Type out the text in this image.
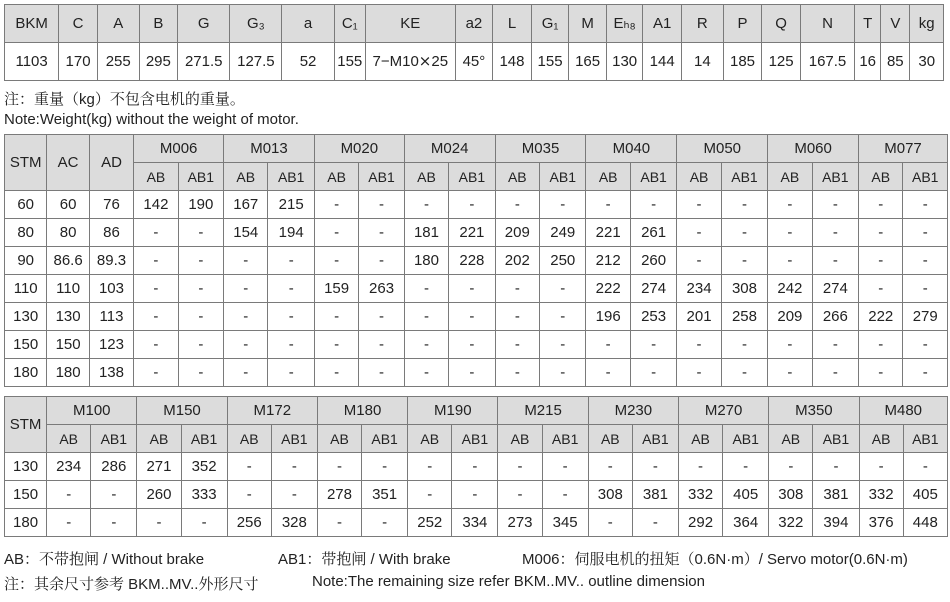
BKM	C	A	B	G	G₃	a	C₁	KE	a2	L	G₁	M	Eₕ₈	A1	R	P	Q	N	T	V	kg
1103	170	255	295	271.5	127.5	52	155	7−M10⨯25	45°	148	155	165	130	144	14	185	125	167.5	16	85	30
注：重量（kg）不包含电机的重量。
Note:Weight(kg) without the weight of motor.
STM	AC	AD	M006		M013		M020		M024		M035		M040		M050		M060		M077	
			AB	AB1	AB	AB1	AB	AB1	AB	AB1	AB	AB1	AB	AB1	AB	AB1	AB	AB1	AB	AB1
60	60	76	142	190	167	215	-	-	-	-	-	-	-	-	-	-	-	-	-	-
80	80	86	-	-	154	194	-	-	181	221	209	249	221	261	-	-	-	-	-	-
90	86.6	89.3	-	-	-	-	-	-	180	228	202	250	212	260	-	-	-	-	-	-
110	110	103	-	-	-	-	159	263	-	-	-	-	222	274	234	308	242	274	-	-
130	130	113	-	-	-	-	-	-	-	-	-	-	196	253	201	258	209	266	222	279
150	150	123	-	-	-	-	-	-	-	-	-	-	-	-	-	-	-	-	-	-
180	180	138	-	-	-	-	-	-	-	-	-	-	-	-	-	-	-	-	-	-
STM	M100		M150		M172		M180		M190		M215		M230		M270		M350		M480	
	AB	AB1	AB	AB1	AB	AB1	AB	AB1	AB	AB1	AB	AB1	AB	AB1	AB	AB1	AB	AB1	AB	AB1
130	234	286	271	352	-	-	-	-	-	-	-	-	-	-	-	-	-	-	-	-
150	-	-	260	333	-	-	278	351	-	-	-	-	308	381	332	405	308	381	332	405
180	-	-	-	-	256	328	-	-	252	334	273	345	-	-	292	364	322	394	376	448
AB：不带抱闸 / Without brake	AB1：带抱闸 / With brake	M006：伺服电机的扭矩（0.6N·m）/ Servo motor(0.6N·m)
注：其余尺寸参考 BKM..MV..外形尺寸	Note:The remaining size refer BKM..MV.. outline dimension
